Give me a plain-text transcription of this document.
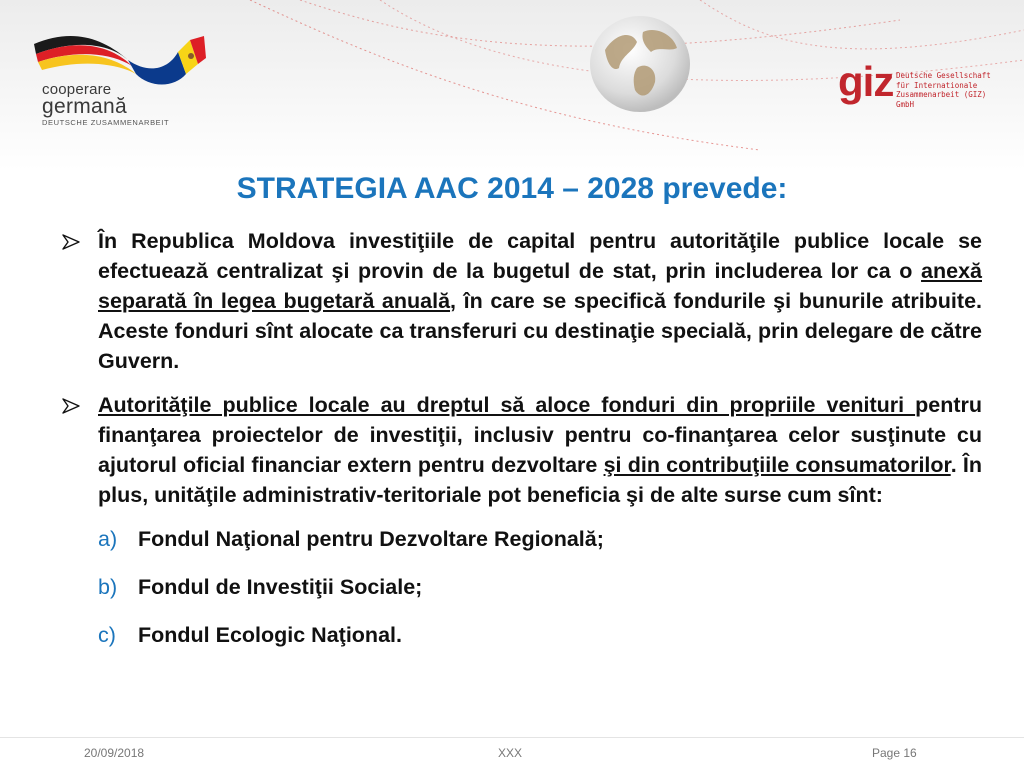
cooperare
germană
DEUTSCHE ZUSAMMENARBEIT
giz Deutsche Gesellschaft
für Internationale
Zusammenarbeit (GIZ) GmbH
STRATEGIA AAC 2014 – 2028 prevede:

În Republica Moldova investiţiile de capital pentru autorităţile publice locale se efectuează centralizat şi provin de la bugetul de stat, prin includerea lor ca o anexă separată în legea bugetară anuală, în care se specifică fondurile şi bunurile atribuite. Aceste fonduri sînt alocate ca transferuri cu destinaţie specială, prin delegare de către Guvern.

Autorităţile publice locale au dreptul să aloce fonduri din propriile venituri pentru finanţarea proiectelor de investiţii, inclusiv pentru co-finanţarea celor susţinute cu ajutorul oficial financiar extern pentru dezvoltare şi din contribuţiile consumatorilor. În plus, unităţile administrativ-teritoriale pot beneficia şi de alte surse cum sînt:

a) Fondul Naţional pentru Dezvoltare Regională;
b) Fondul de Investiţii Sociale;
c) Fondul Ecologic Naţional.
20/09/2018	XXX	Page 16
